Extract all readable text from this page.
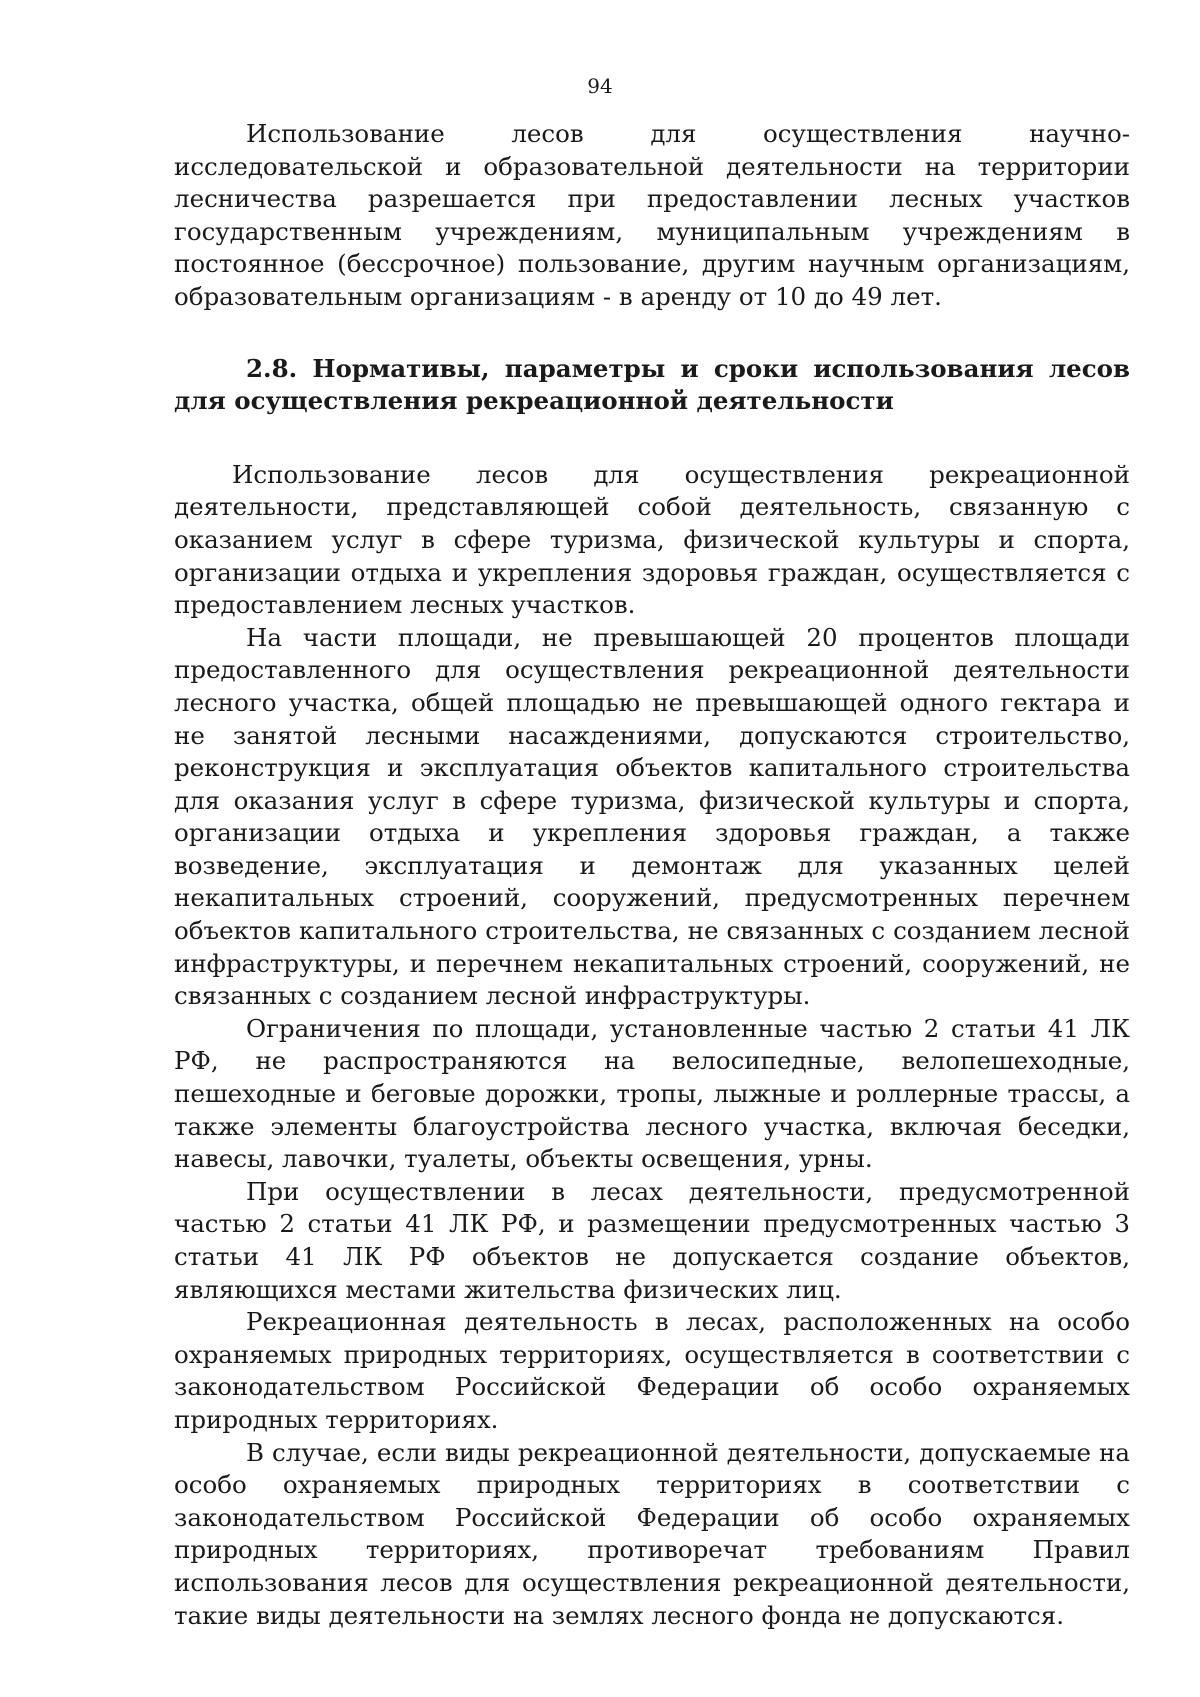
94

Использование лесов для осуществления научно-исследовательской и образовательной деятельности на территории лесничества разрешается при предоставлении лесных участков государственным учреждениям, муниципальным учреждениям в постоянное (бессрочное) пользование, другим научным организациям, образовательным организациям - в аренду от 10 до 49 лет.

2.8. Нормативы, параметры и сроки использования лесов для осуществления рекреационной деятельности

Использование лесов для осуществления рекреационной деятельности, представляющей собой деятельность, связанную с оказанием услуг в сфере туризма, физической культуры и спорта, организации отдыха и укрепления здоровья граждан, осуществляется с предоставлением лесных участков.

На части площади, не превышающей 20 процентов площади предоставленного для осуществления рекреационной деятельности лесного участка, общей площадью не превышающей одного гектара и не занятой лесными насаждениями, допускаются строительство, реконструкция и эксплуатация объектов капитального строительства для оказания услуг в сфере туризма, физической культуры и спорта, организации отдыха и укрепления здоровья граждан, а также возведение, эксплуатация и демонтаж для указанных целей некапитальных строений, сооружений, предусмотренных перечнем объектов капитального строительства, не связанных с созданием лесной инфраструктуры, и перечнем некапитальных строений, сооружений, не связанных с созданием лесной инфраструктуры.

Ограничения по площади, установленные частью 2 статьи 41 ЛК РФ, не распространяются на велосипедные, велопешеходные, пешеходные и беговые дорожки, тропы, лыжные и роллерные трассы, а также элементы благоустройства лесного участка, включая беседки, навесы, лавочки, туалеты, объекты освещения, урны.

При осуществлении в лесах деятельности, предусмотренной частью 2 статьи 41 ЛК РФ, и размещении предусмотренных частью 3 статьи 41 ЛК РФ объектов не допускается создание объектов, являющихся местами жительства физических лиц.

Рекреационная деятельность в лесах, расположенных на особо охраняемых природных территориях, осуществляется в соответствии с законодательством Российской Федерации об особо охраняемых природных территориях.

В случае, если виды рекреационной деятельности, допускаемые на особо охраняемых природных территориях в соответствии с законодательством Российской Федерации об особо охраняемых природных территориях, противоречат требованиям Правил использования лесов для осуществления рекреационной деятельности, такие виды деятельности на землях лесного фонда не допускаются.
